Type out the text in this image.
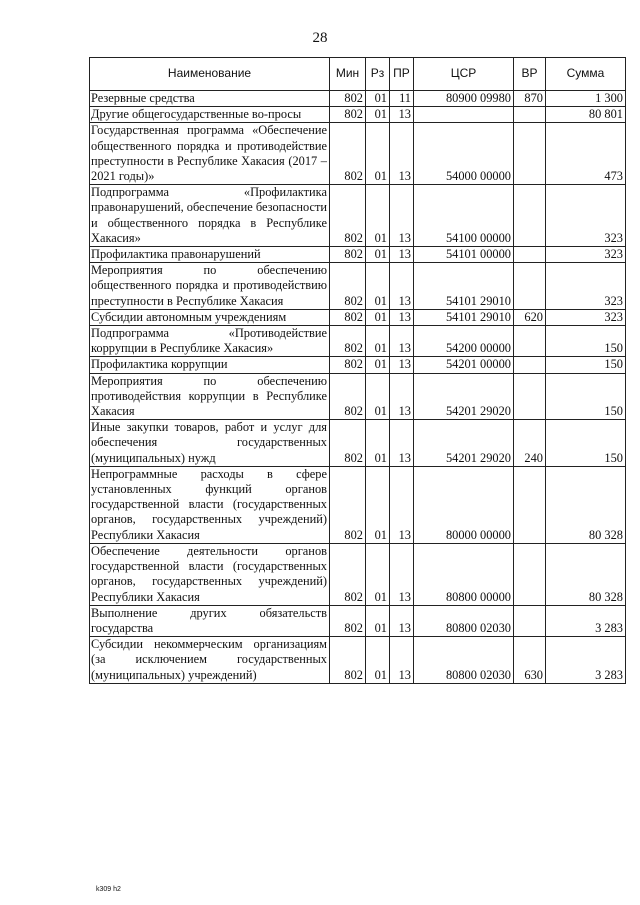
28
Наименование	Мин	Рз	ПР	ЦСР	ВР	Сумма
Резервные средства	802	01	11	80900 09980	870	1 300
Другие общегосударственные во-просы	802	01	13			80 801
Государственная программа «Обеспечение общественного порядка и противодействие преступности в Республике Хакасия (2017 – 2021 годы)»	802	01	13	54000 00000		473
Подпрограмма «Профилактика правонарушений, обеспечение безопасности и общественного порядка в Республике Хакасия»	802	01	13	54100 00000		323
Профилактика правонарушений	802	01	13	54101 00000		323
Мероприятия по обеспечению общественного порядка и противодействию преступности в Республике Хакасия	802	01	13	54101 29010		323
Субсидии автономным учреждениям	802	01	13	54101 29010	620	323
Подпрограмма «Противодействие коррупции в Республике Хакасия»	802	01	13	54200 00000		150
Профилактика коррупции	802	01	13	54201 00000		150
Мероприятия по обеспечению противодействия коррупции в Республике Хакасия	802	01	13	54201 29020		150
Иные закупки товаров, работ и услуг для обеспечения государственных (муниципальных) нужд	802	01	13	54201 29020	240	150
Непрограммные расходы в сфере установленных функций органов государственной власти (государственных органов, государственных учреждений) Республики Хакасия	802	01	13	80000 00000		80 328
Обеспечение деятельности органов государственной власти (государственных органов, государственных учреждений) Республики Хакасия	802	01	13	80800 00000		80 328
Выполнение других обязательств государства	802	01	13	80800 02030		3 283
Субсидии некоммерческим организациям (за исключением государственных (муниципальных) учреждений)	802	01	13	80800 02030	630	3 283
k309 h2
